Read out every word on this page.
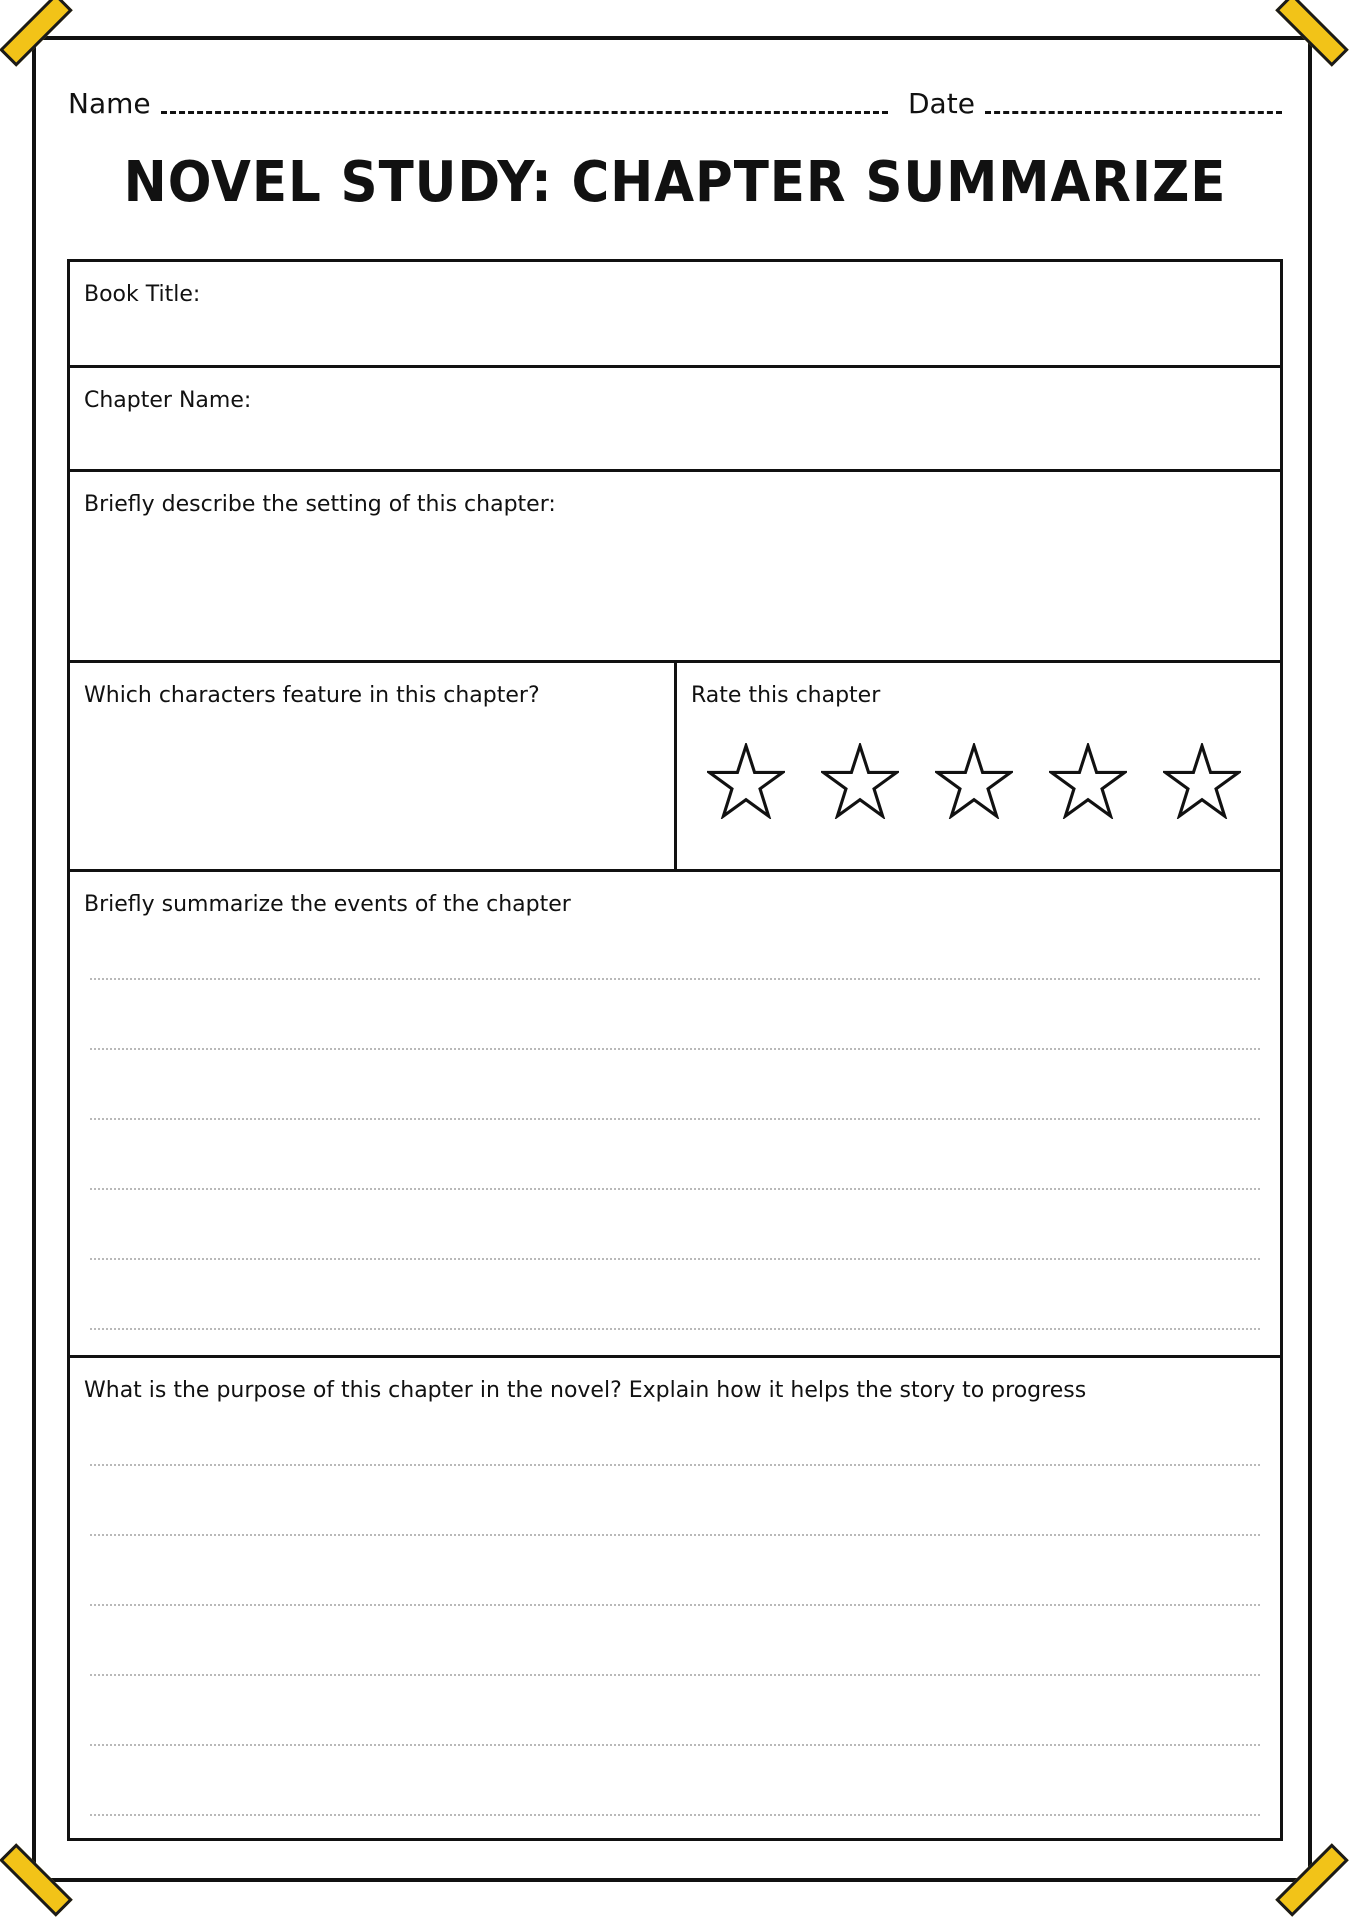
Name	Date
NOVEL STUDY: CHAPTER SUMMARIZE
Book Title:
Chapter Name:
Briefly describe the setting of this chapter:
Which characters feature in this chapter?	Rate this chapter
Briefly summarize the events of the chapter
What is the purpose of this chapter in the novel? Explain how it helps the story to progress
